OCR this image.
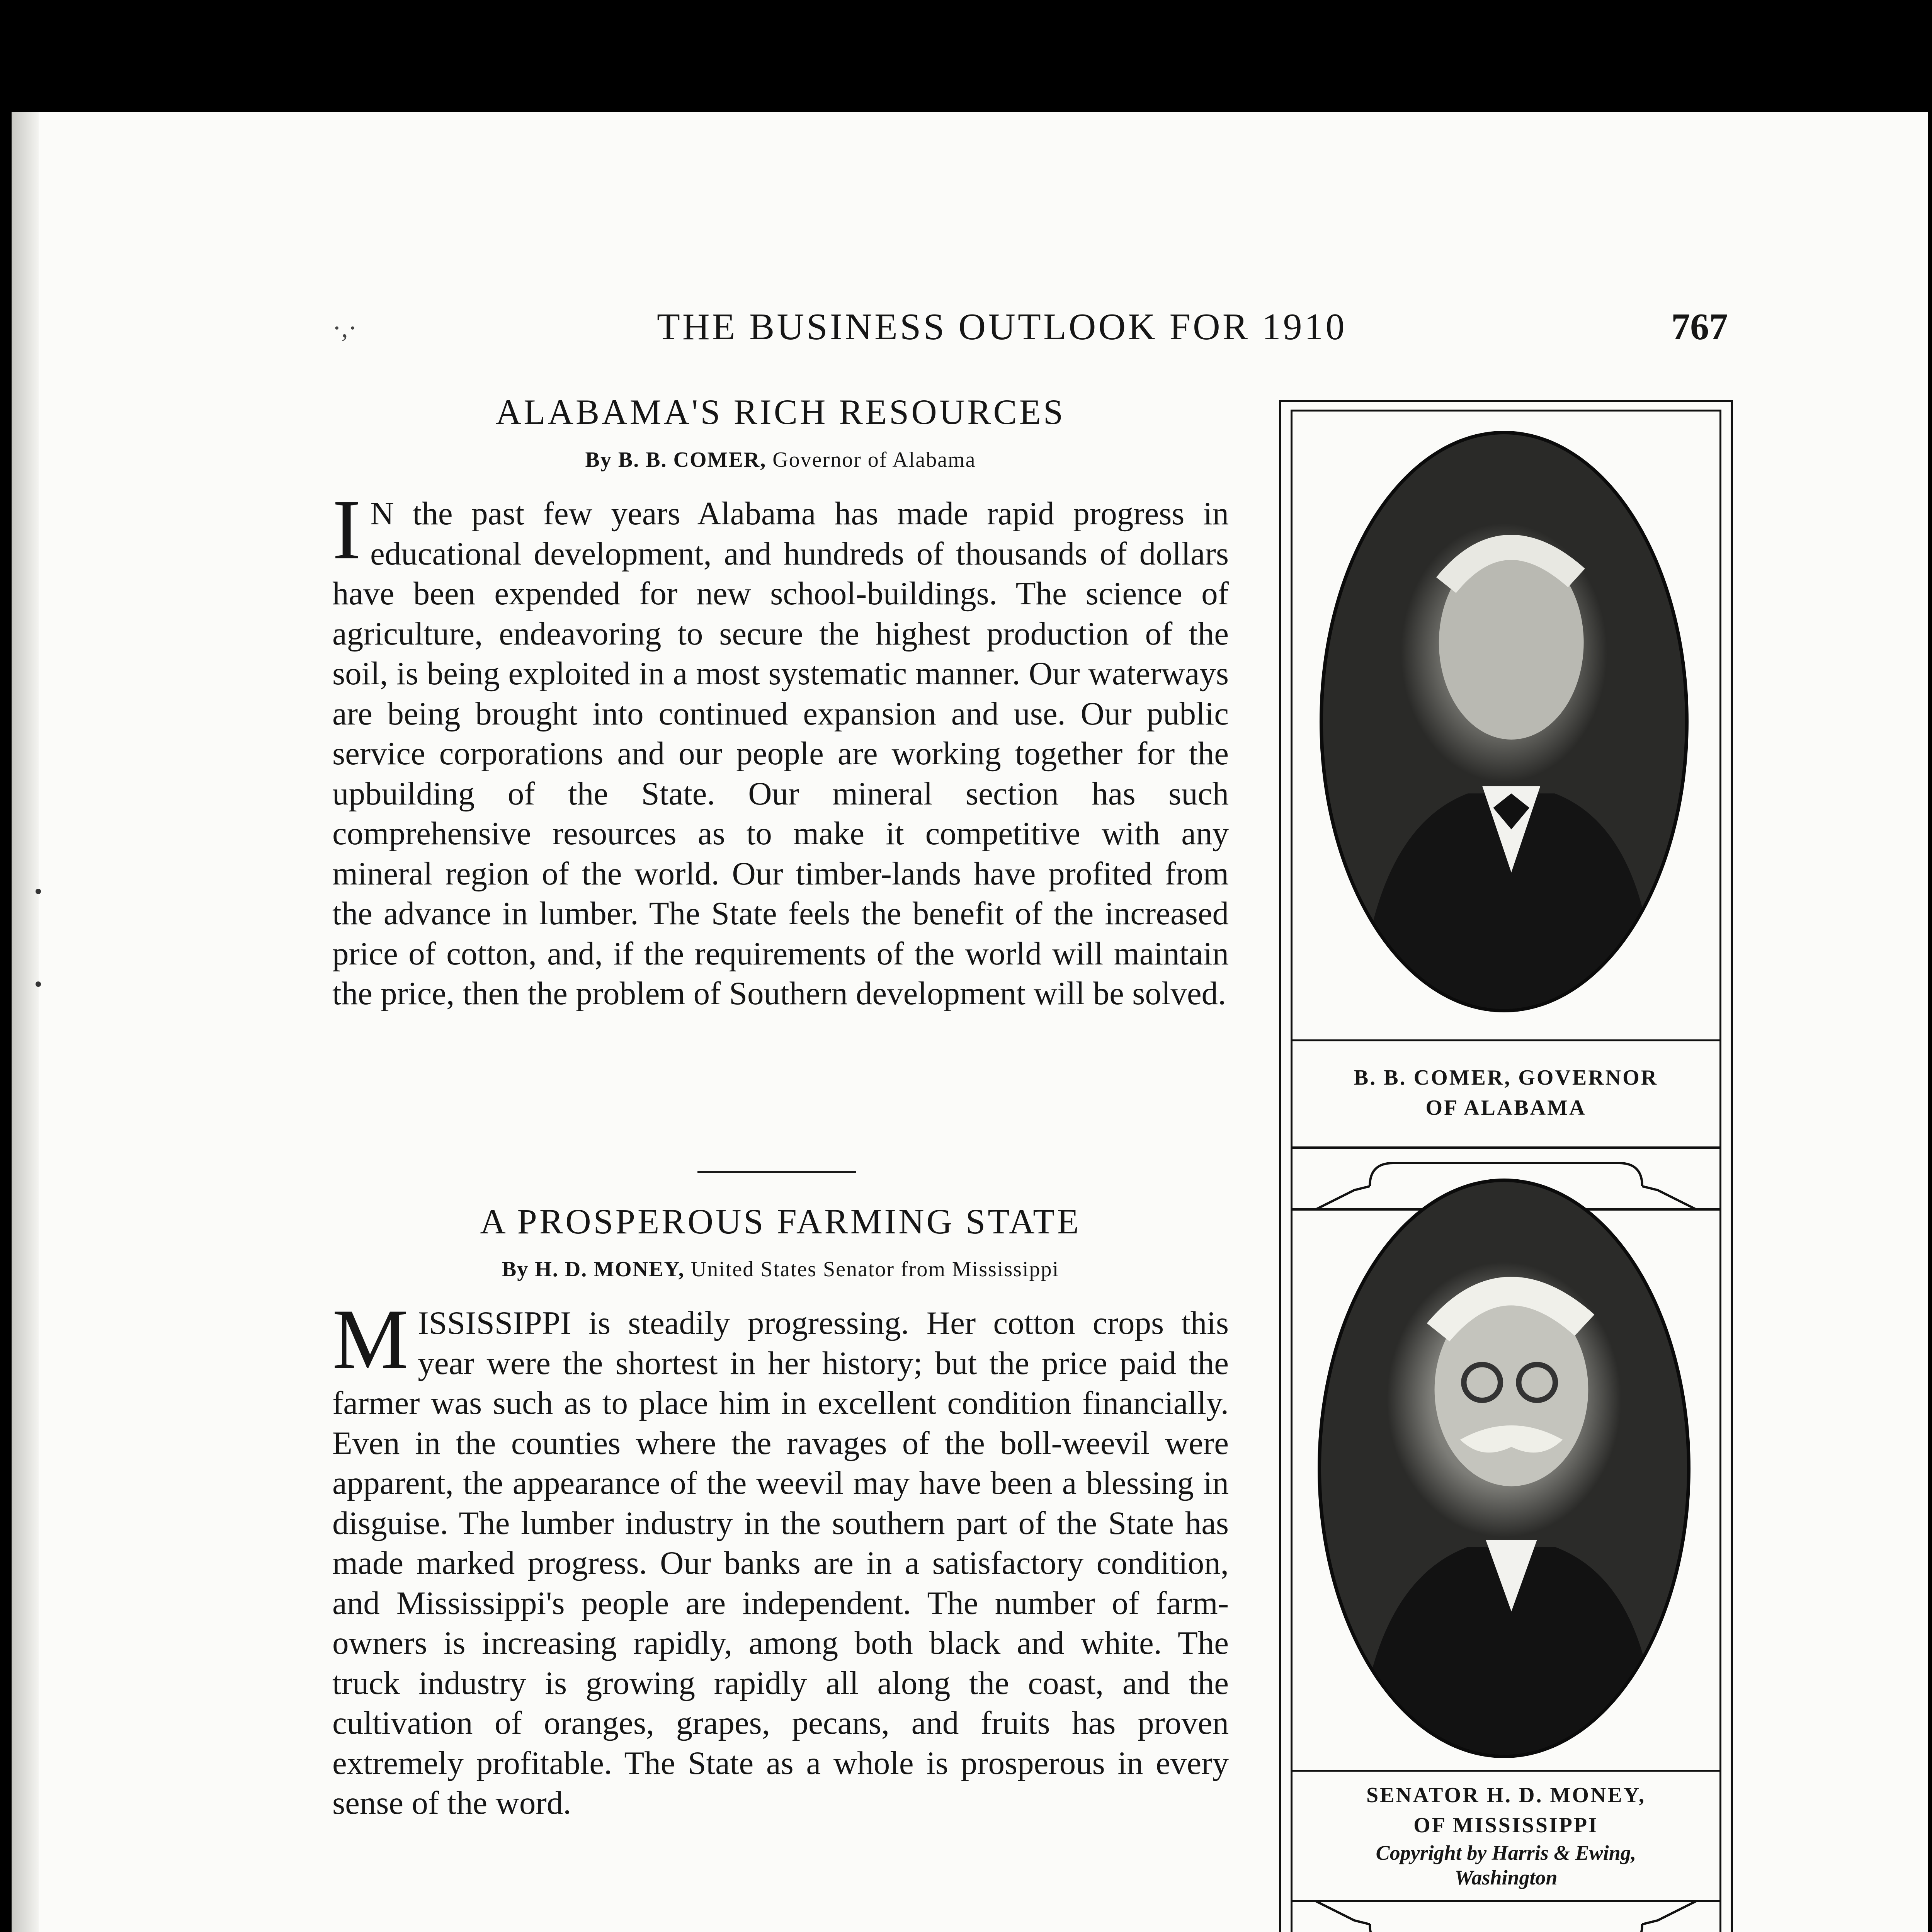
·,·	THE BUSINESS OUTLOOK FOR 1910	767
ALABAMA'S RICH RESOURCES
By B. B. COMER, Governor of Alabama
I N the past few years Alabama has made rapid progress in educational development, and hundreds of thousands of dollars have been expended for new school-buildings. The science of agriculture, endeavoring to secure the highest production of the soil, is being exploited in a most systematic manner. Our waterways are being brought into continued expansion and use. Our public service corporations and our people are working together for the upbuilding of the State. Our mineral section has such comprehensive resources as to make it competitive with any mineral region of the world. Our timber-lands have profited from the advance in lumber. The State feels the benefit of the increased price of cotton, and, if the requirements of the world will maintain the price, then the problem of Southern development will be solved.
A PROSPEROUS FARMING STATE
By H. D. MONEY, United States Senator from Mississippi
MISSISSIPPI is steadily progressing. Her cotton crops this year were the shortest in her history; but the price paid the farmer was such as to place him in excellent condition financially. Even in the counties where the ravages of the boll-weevil were apparent, the appearance of the weevil may have been a blessing in disguise. The lumber industry in the southern part of the State has made marked progress. Our banks are in a satisfactory condition, and Mississippi's people are independent. The number of farm-owners is increasing rapidly, among both black and white. The truck industry is growing rapidly all along the coast, and the cultivation of oranges, grapes, pecans, and fruits has proven extremely profitable. The State as a whole is prosperous in every sense of the word.
B. B. COMER, GOVERNOR
OF ALABAMA
SENATOR H. D. MONEY,
OF MISSISSIPPI
Copyright by Harris & Ewing,
Washington
